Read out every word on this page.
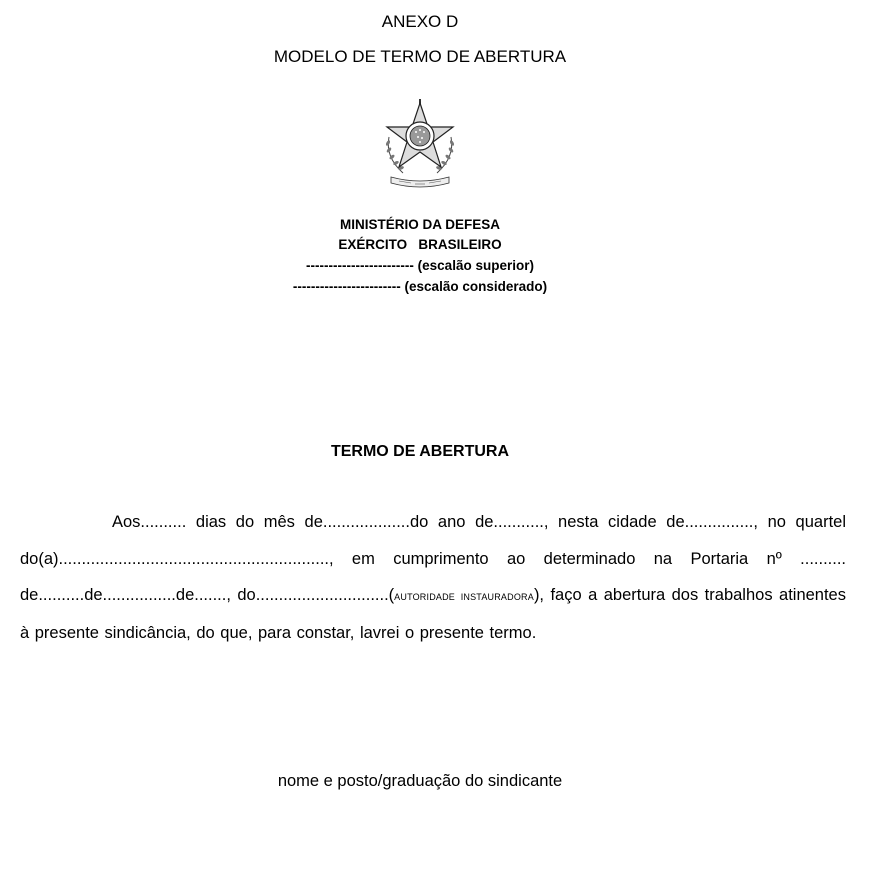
ANEXO D
MODELO DE TERMO DE ABERTURA
MINISTÉRIO DA DEFESA
EXÉRCITO   BRASILEIRO
------------------------ (escalão superior)
------------------------ (escalão considerado)
TERMO DE ABERTURA
Aos.......... dias do mês de...................do ano de..........., nesta cidade de..............., no quartel do(a)..........................................................., em cumprimento ao determinado na Portaria nº .......... de..........de................de......., do.............................(autoridade instauradora), faço a abertura dos trabalhos atinentes à presente sindicância, do que, para constar, lavrei o presente termo.
nome e posto/graduação do sindicante
